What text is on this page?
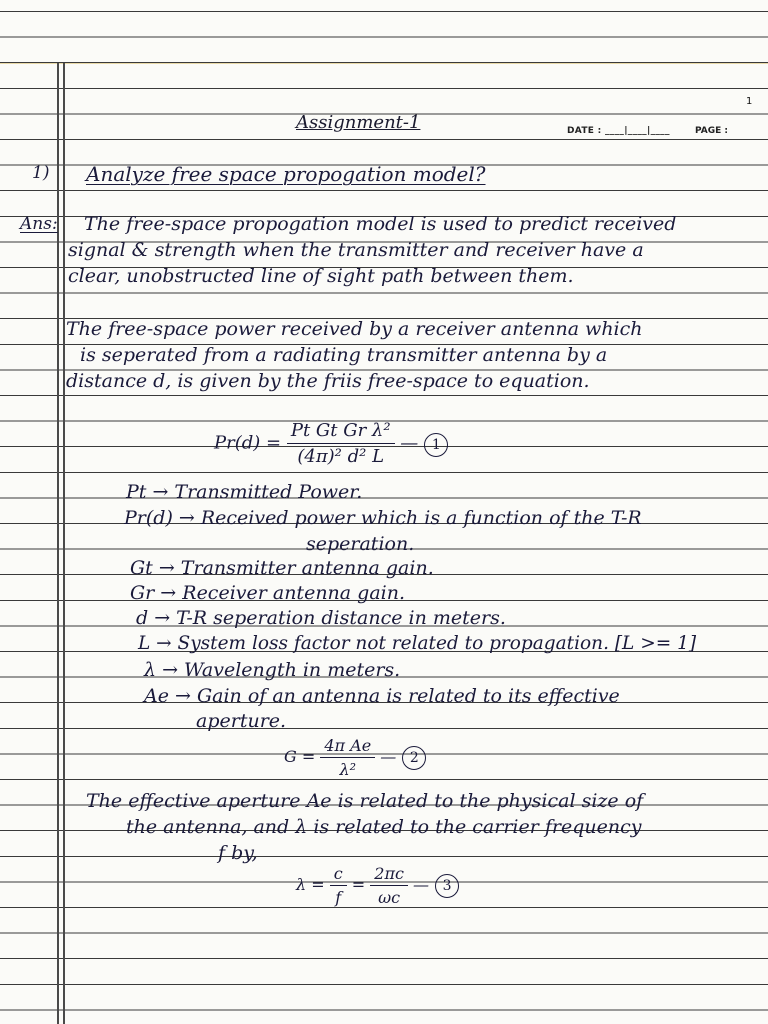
1
Assignment-1	DATE : ____|____|____	PAGE :
1) Analyze free space propogation model?
Ans: The free-space propogation model is used to predict received
signal & strength when the transmitter and receiver have a
clear, unobstructed line of sight path between them.
The free-space power received by a receiver antenna which
is seperated from a radiating transmitter antenna by a
distance d, is given by the friis free-space to equation.
$Pr(d) = \frac{\text{Pt Gt Gr λ²}}{\text{(4π)² d² L}}$ — 1
Pt → Transmitted Power.
Pr(d) → Received power which is a function of the T-R
seperation.
Gt → Transmitter antenna gain.
Gr → Receiver antenna gain.
d → T-R seperation distance in meters.
L → System loss factor not related to propagation. [L >= 1]
λ → Wavelength in meters.
Ae → Gain of an antenna is related to its effective
aperture.
$G = \frac{\text{4π Ae}}{\text{λ²}}$ — 2
The effective aperture Ae is related to the physical size of
the antenna, and λ is related to the carrier frequency
f by,
$\lambda = \frac{c}{f} = \frac{2\pi c}{\omega c}$ — 3
